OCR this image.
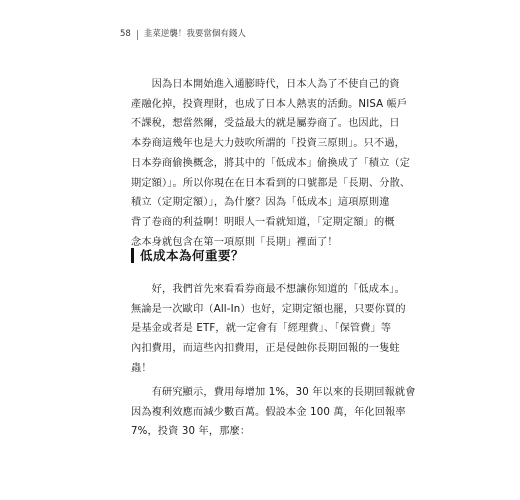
58 韭菜逆襲！我要當個有錢人
　　因為日本開始進入通膨時代，日本人為了不使自己的資
產融化掉，投資理財，也成了日本人熱衷的活動。NISA 帳戶
不課稅，想當然爾，受益最大的就是屬券商了。也因此，日
本券商這幾年也是大力鼓吹所謂的「投資三原則」。只不過，
日本券商偷換概念，將其中的「低成本」偷換成了「積立（定
期定額）」。所以你現在在日本看到的口號都是「長期、分散、
積立（定期定額）」，為什麼？因為「低成本」這項原則違
背了卷商的利益啊！明眼人一看就知道，「定期定額」的概
念本身就包含在第一項原則「長期」裡面了！
低成本為何重要？
　　好，我們首先來看看券商最不想讓你知道的「低成本」。
無論是一次歐印（All-In）也好，定期定額也罷，只要你買的
是基金或者是 ETF，就一定會有「經理費」、「保管費」等
內扣費用，而這些內扣費用，正是侵蝕你長期回報的一隻蛀
蟲！
　　有研究顯示，費用每增加 1%，30 年以來的長期回報就會
因為複利效應而減少數百萬。假設本金 100 萬，年化回報率
7%，投資 30 年，那麼：
